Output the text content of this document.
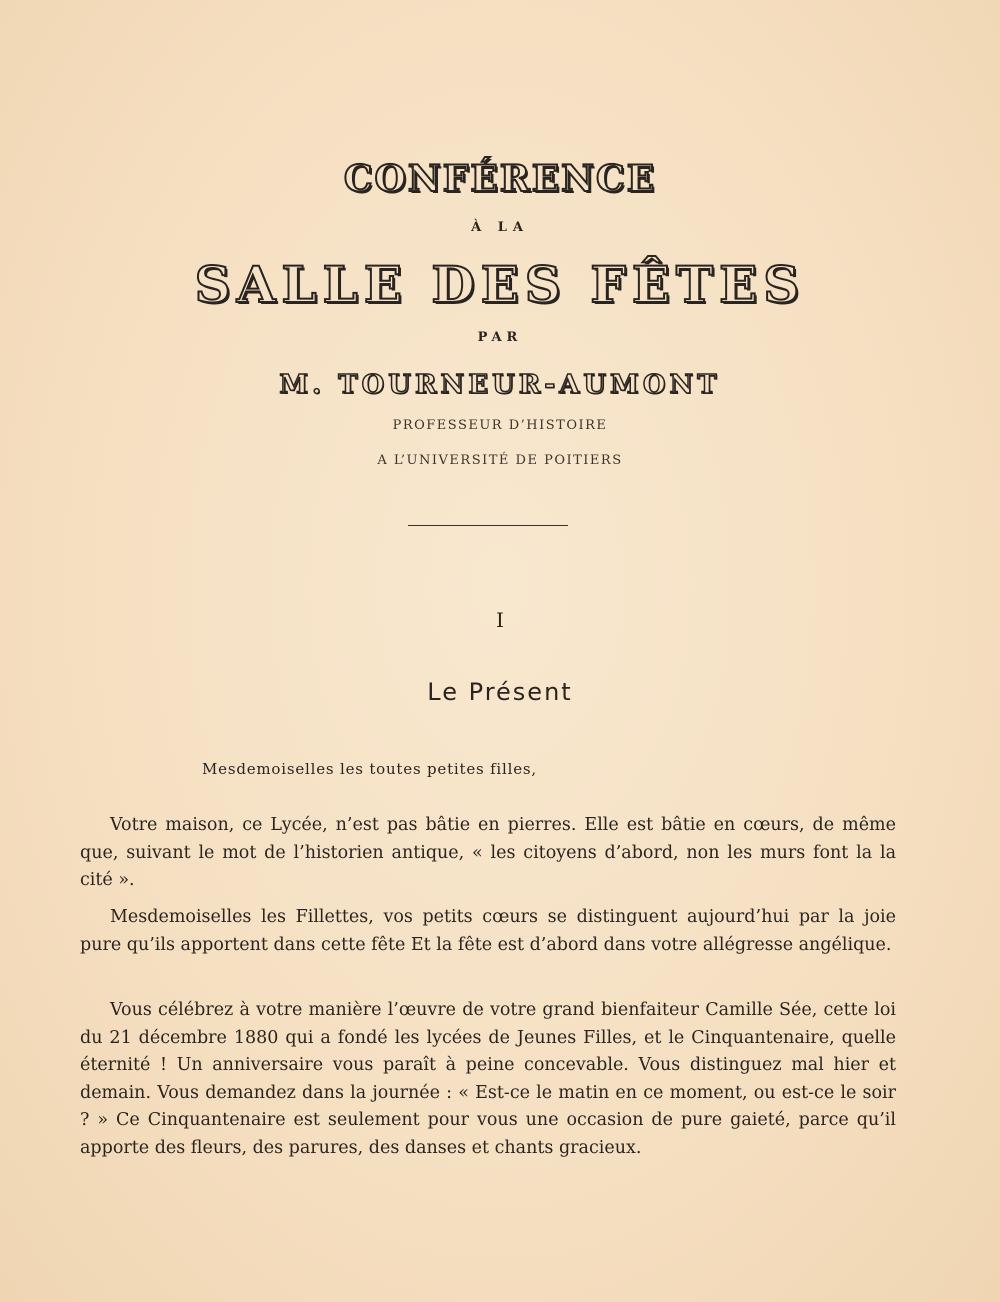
CONFÉRENCE
À LA
SALLE DES FÊTES
PAR
M. TOURNEUR-AUMONT
PROFESSEUR D’HISTOIRE
A L’UNIVERSITÉ DE POITIERS
I
Le Présent
Mesdemoiselles les toutes petites filles,

Votre maison, ce Lycée, n’est pas bâtie en pierres. Elle est bâtie en cœurs, de même que, suivant le mot de l’historien antique, « les citoyens d’abord, non les murs font la la cité ».

Mesdemoiselles les Fillettes, vos petits cœurs se distinguent aujourd’hui par la joie pure qu’ils apportent dans cette fête Et la fête est d’abord dans votre allégresse angélique.

Vous célébrez à votre manière l’œuvre de votre grand bienfaiteur Camille Sée, cette loi du 21 décembre 1880 qui a fondé les lycées de Jeunes Filles, et le Cinquantenaire, quelle éternité ! Un anniversaire vous paraît à peine concevable. Vous distinguez mal hier et demain. Vous demandez dans la journée : « Est-ce le matin en ce moment, ou est-ce le soir ? » Ce Cinquantenaire est seulement pour vous une occasion de pure gaieté, parce qu’il apporte des fleurs, des parures, des danses et chants gracieux.
